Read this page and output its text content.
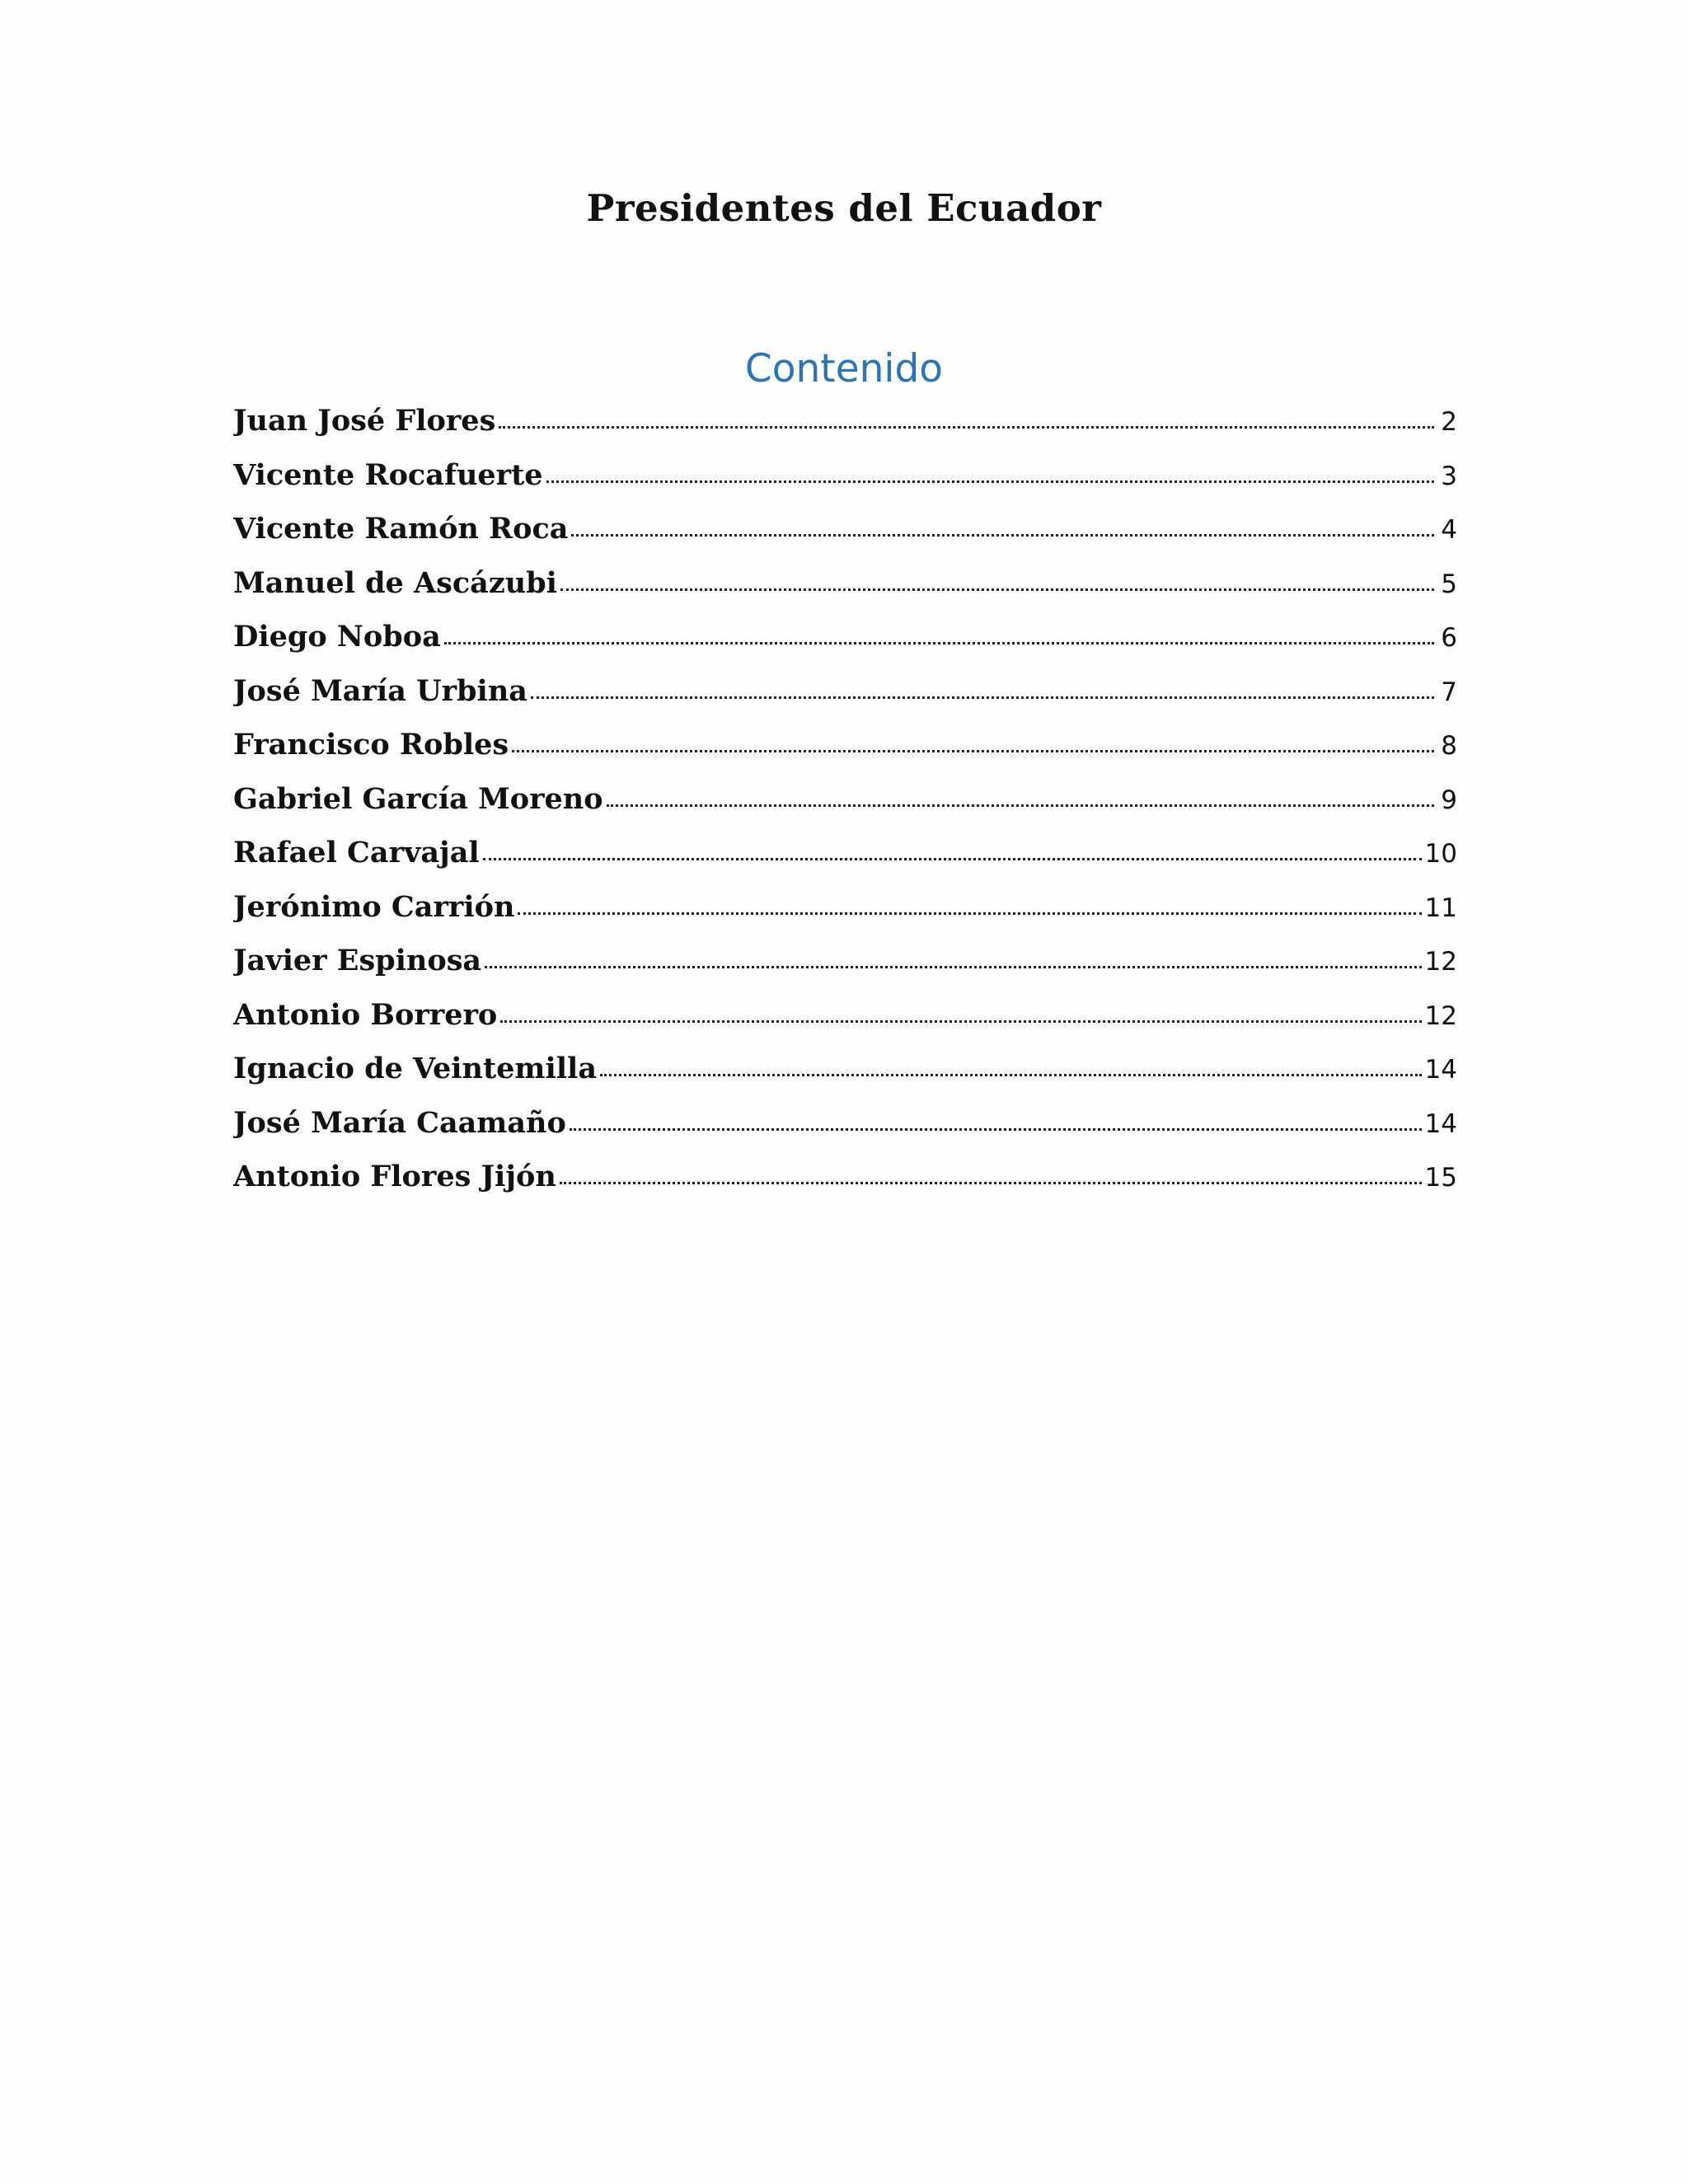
Presidentes del Ecuador
Contenido
Juan José Flores	2
Vicente Rocafuerte	3
Vicente Ramón Roca	4
Manuel de Ascázubi	5
Diego Noboa	6
José María Urbina	7
Francisco Robles	8
Gabriel García Moreno	9
Rafael Carvajal	10
Jerónimo Carrión	11
Javier Espinosa	12
Antonio Borrero	12
Ignacio de Veintemilla	14
José María Caamaño	14
Antonio Flores Jijón	15
